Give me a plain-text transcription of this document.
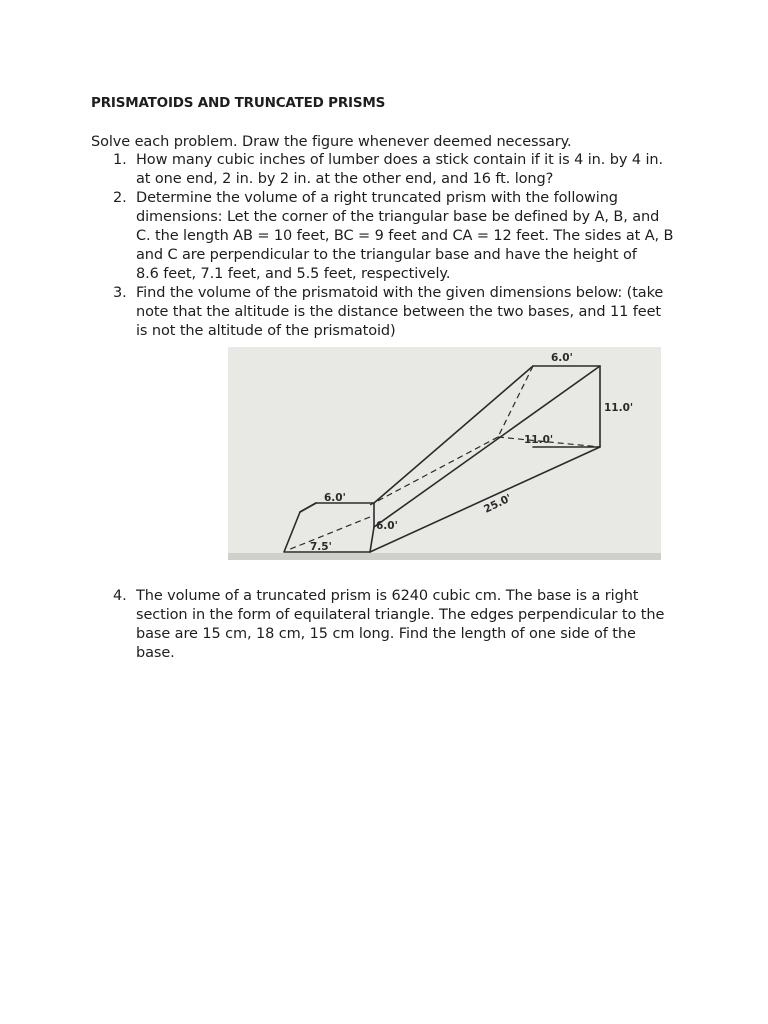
PRISMATOIDS AND TRUNCATED PRISMS
Solve each problem. Draw the figure whenever deemed necessary.
1. How many cubic inches of lumber does a stick contain if it is 4 in. by 4 in.
at one end, 2 in. by 2 in. at the other end, and 16 ft. long?
2. Determine the volume of a right truncated prism with the following
dimensions: Let the corner of the triangular base be defined by A, B, and
C. the length AB = 10 feet, BC = 9 feet and CA = 12 feet. The sides at A, B
and C are perpendicular to the triangular base and have the height of
8.6 feet, 7.1 feet, and 5.5 feet, respectively.
3. Find the volume of the prismatoid with the given dimensions below: (take
note that the altitude is the distance between the two bases, and 11 feet
is not the altitude of the prismatoid)
6.0'
11.0'
11.0'
6.0'
6.0'
7.5'
25.0'
4. The volume of a truncated prism is 6240 cubic cm. The base is a right
section in the form of equilateral triangle. The edges perpendicular to the
base are 15 cm, 18 cm, 15 cm long. Find the length of one side of the
base.
